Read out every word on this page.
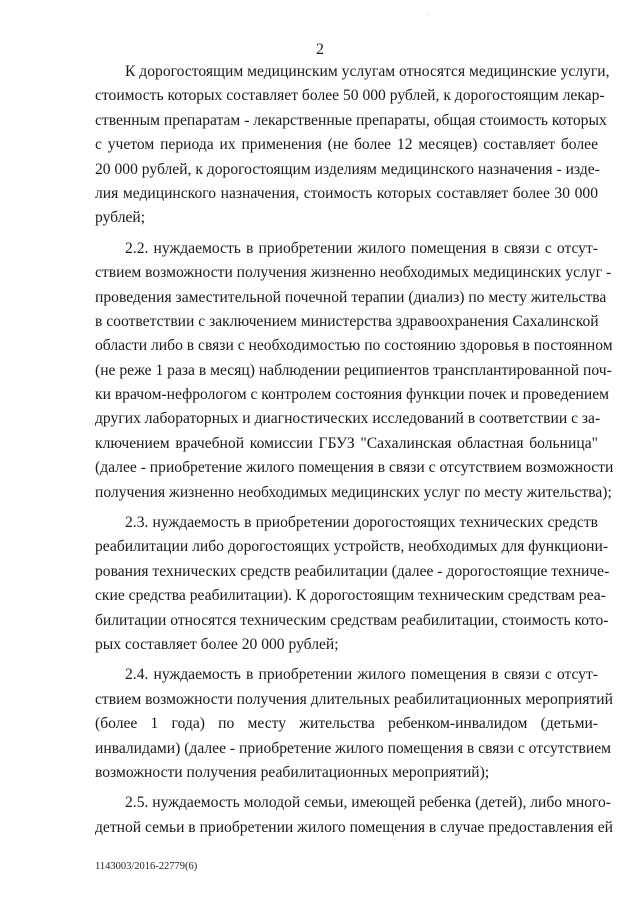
2
К дорогостоящим медицинским услугам относятся медицинские услуги,
стоимость которых составляет более 50 000 рублей, к дорогостоящим лекар-
ственным препаратам - лекарственные препараты, общая стоимость которых
с учетом периода их применения (не более 12 месяцев) составляет более
20 000 рублей, к дорогостоящим изделиям медицинского назначения - изде-
лия медицинского назначения, стоимость которых составляет более 30 000
рублей;
2.2. нуждаемость в приобретении жилого помещения в связи с отсут-
ствием возможности получения жизненно необходимых медицинских услуг -
проведения заместительной почечной терапии (диализ) по месту жительства
в соответствии с заключением министерства здравоохранения Сахалинской
области либо в связи с необходимостью по состоянию здоровья в постоянном
(не реже 1 раза в месяц) наблюдении реципиентов трансплантированной поч-
ки врачом-нефрологом с контролем состояния функции почек и проведением
других лабораторных и диагностических исследований в соответствии с за-
ключением врачебной комиссии ГБУЗ "Сахалинская областная больница"
(далее - приобретение жилого помещения в связи с отсутствием возможности
получения жизненно необходимых медицинских услуг по месту жительства);
2.3. нуждаемость в приобретении дорогостоящих технических средств
реабилитации либо дорогостоящих устройств, необходимых для функциони-
рования технических средств реабилитации (далее - дорогостоящие техниче-
ские средства реабилитации). К дорогостоящим техническим средствам реа-
билитации относятся техническим средствам реабилитации, стоимость кото-
рых составляет более 20 000 рублей;
2.4. нуждаемость в приобретении жилого помещения в связи с отсут-
ствием возможности получения длительных реабилитационных мероприятий
(более 1 года) по месту жительства ребенком-инвалидом (детьми-
инвалидами) (далее - приобретение жилого помещения в связи с отсутствием
возможности получения реабилитационных мероприятий);
2.5. нуждаемость молодой семьи, имеющей ребенка (детей), либо много-
детной семьи в приобретении жилого помещения в случае предоставления ей
1143003/2016-22779(6)
